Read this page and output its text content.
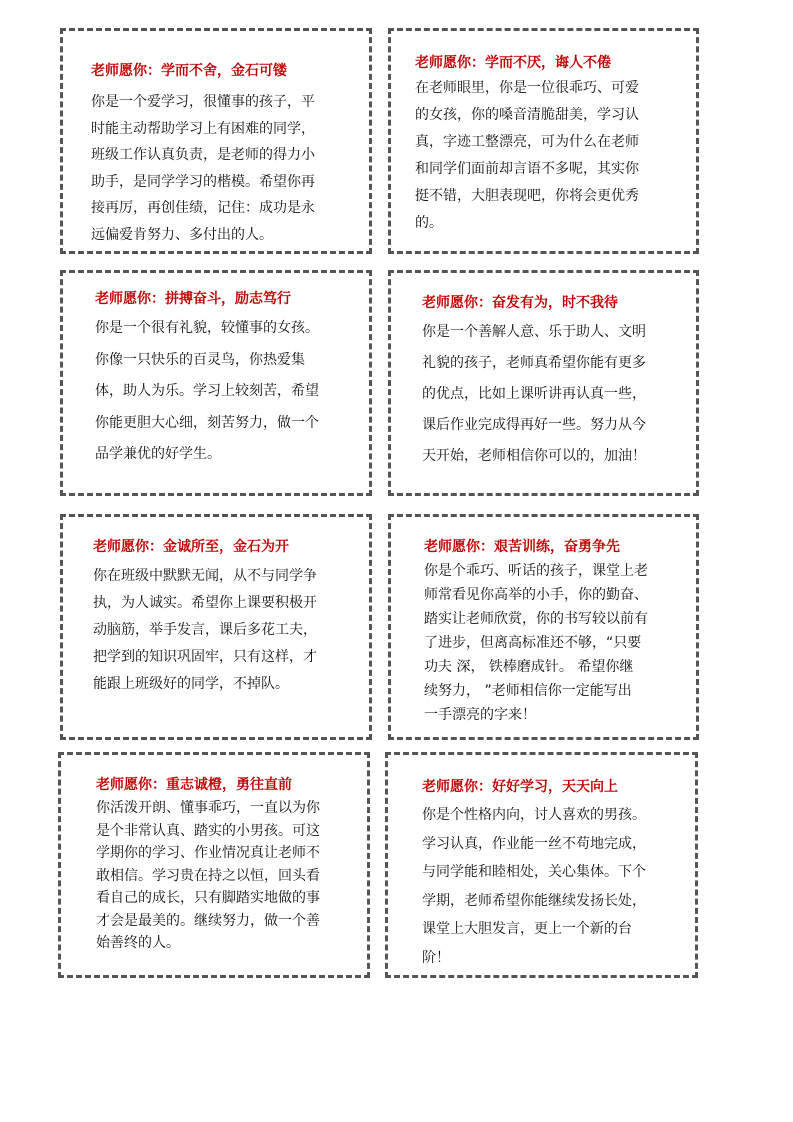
老师愿你：学而不舍，金石可镂
你是一个爱学习，很懂事的孩子，平
时能主动帮助学习上有困难的同学，
班级工作认真负责，是老师的得力小
助手，是同学学习的楷模。希望你再
接再厉，再创佳绩，记住：成功是永
远偏爱肯努力、多付出的人。
老师愿你：学而不厌，诲人不倦
在老师眼里，你是一位很乖巧、可爱
的女孩，你的嗓音清脆甜美，学习认
真，字迹工整漂亮，可为什么在老师
和同学们面前却言语不多呢，其实你
挺不错，大胆表现吧，你将会更优秀
的。
老师愿你：拼搏奋斗，励志笃行
你是一个很有礼貌，较懂事的女孩。
你像一只快乐的百灵鸟，你热爱集
体，助人为乐。学习上较刻苦，希望
你能更胆大心细，刻苦努力，做一个
品学兼优的好学生。
老师愿你：奋发有为，时不我待
你是一个善解人意、乐于助人、文明
礼貌的孩子，老师真希望你能有更多
的优点，比如上课听讲再认真一些，
课后作业完成得再好一些。努力从今
天开始，老师相信你可以的，加油！
老师愿你：金诚所至，金石为开
你在班级中默默无闻，从不与同学争
执，为人诚实。希望你上课要积极开
动脑筋，举手发言，课后多花工夫，
把学到的知识巩固牢，只有这样，才
能跟上班级好的同学，不掉队。
老师愿你：艰苦训练，奋勇争先
你是个乖巧、听话的孩子，课堂上老
师常看见你高举的小手，你的勤奋、
踏实让老师欣赏，你的书写较以前有
了进步，但离高标准还不够，“只要
功夫 深， 铁棒磨成针。 希望你继
续努力， ”老师相信你一定能写出
一手漂亮的字来！
老师愿你：重志诚橙，勇往直前
你活泼开朗、懂事乖巧，一直以为你
是个非常认真、踏实的小男孩。可这
学期你的学习、作业情况真让老师不
敢相信。学习贵在持之以恒，回头看
看自己的成长，只有脚踏实地做的事
才会是最美的。继续努力，做一个善
始善终的人。
老师愿你：好好学习，天天向上
你是个性格内向，讨人喜欢的男孩。
学习认真，作业能一丝不苟地完成，
与同学能和睦相处，关心集体。下个
学期，老师希望你能继续发扬长处，
课堂上大胆发言，更上一个新的台
阶！
